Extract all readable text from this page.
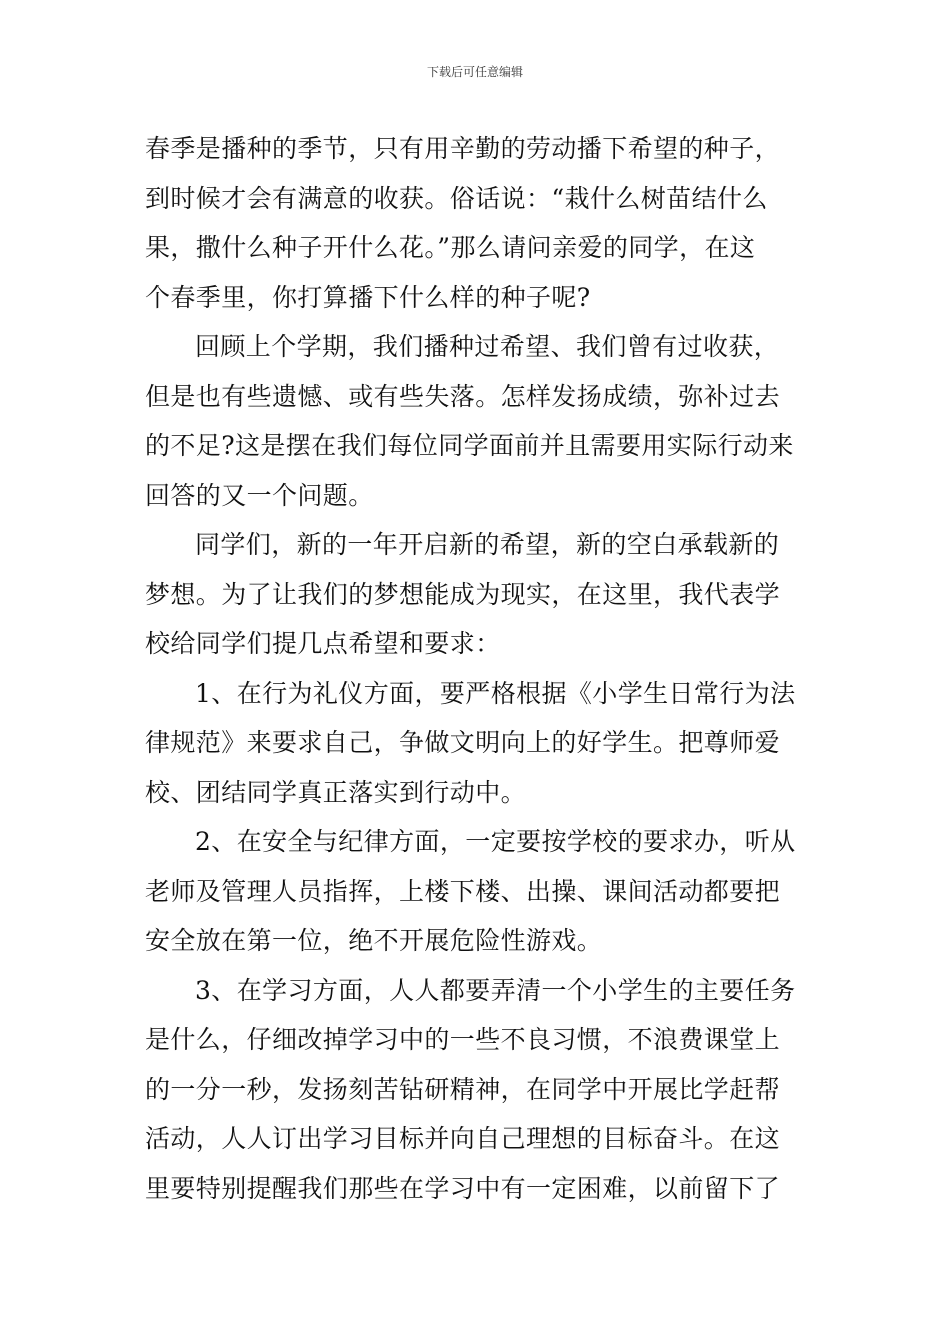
下载后可任意编辑
春季是播种的季节，只有用辛勤的劳动播下希望的种子，
到时候才会有满意的收获。俗话说：“栽什么树苗结什么
果，撒什么种子开什么花。”那么请问亲爱的同学，在这
个春季里，你打算播下什么样的种子呢?
回顾上个学期，我们播种过希望、我们曾有过收获，
但是也有些遗憾、或有些失落。怎样发扬成绩，弥补过去
的不足?这是摆在我们每位同学面前并且需要用实际行动来
回答的又一个问题。
同学们，新的一年开启新的希望，新的空白承载新的
梦想。为了让我们的梦想能成为现实，在这里，我代表学
校给同学们提几点希望和要求：
1、在行为礼仪方面，要严格根据《小学生日常行为法
律规范》来要求自己，争做文明向上的好学生。把尊师爱
校、团结同学真正落实到行动中。
2、在安全与纪律方面，一定要按学校的要求办，听从
老师及管理人员指挥，上楼下楼、出操、课间活动都要把
安全放在第一位，绝不开展危险性游戏。
3、在学习方面，人人都要弄清一个小学生的主要任务
是什么，仔细改掉学习中的一些不良习惯，不浪费课堂上
的一分一秒，发扬刻苦钻研精神，在同学中开展比学赶帮
活动，人人订出学习目标并向自己理想的目标奋斗。在这
里要特别提醒我们那些在学习中有一定困难，以前留下了
